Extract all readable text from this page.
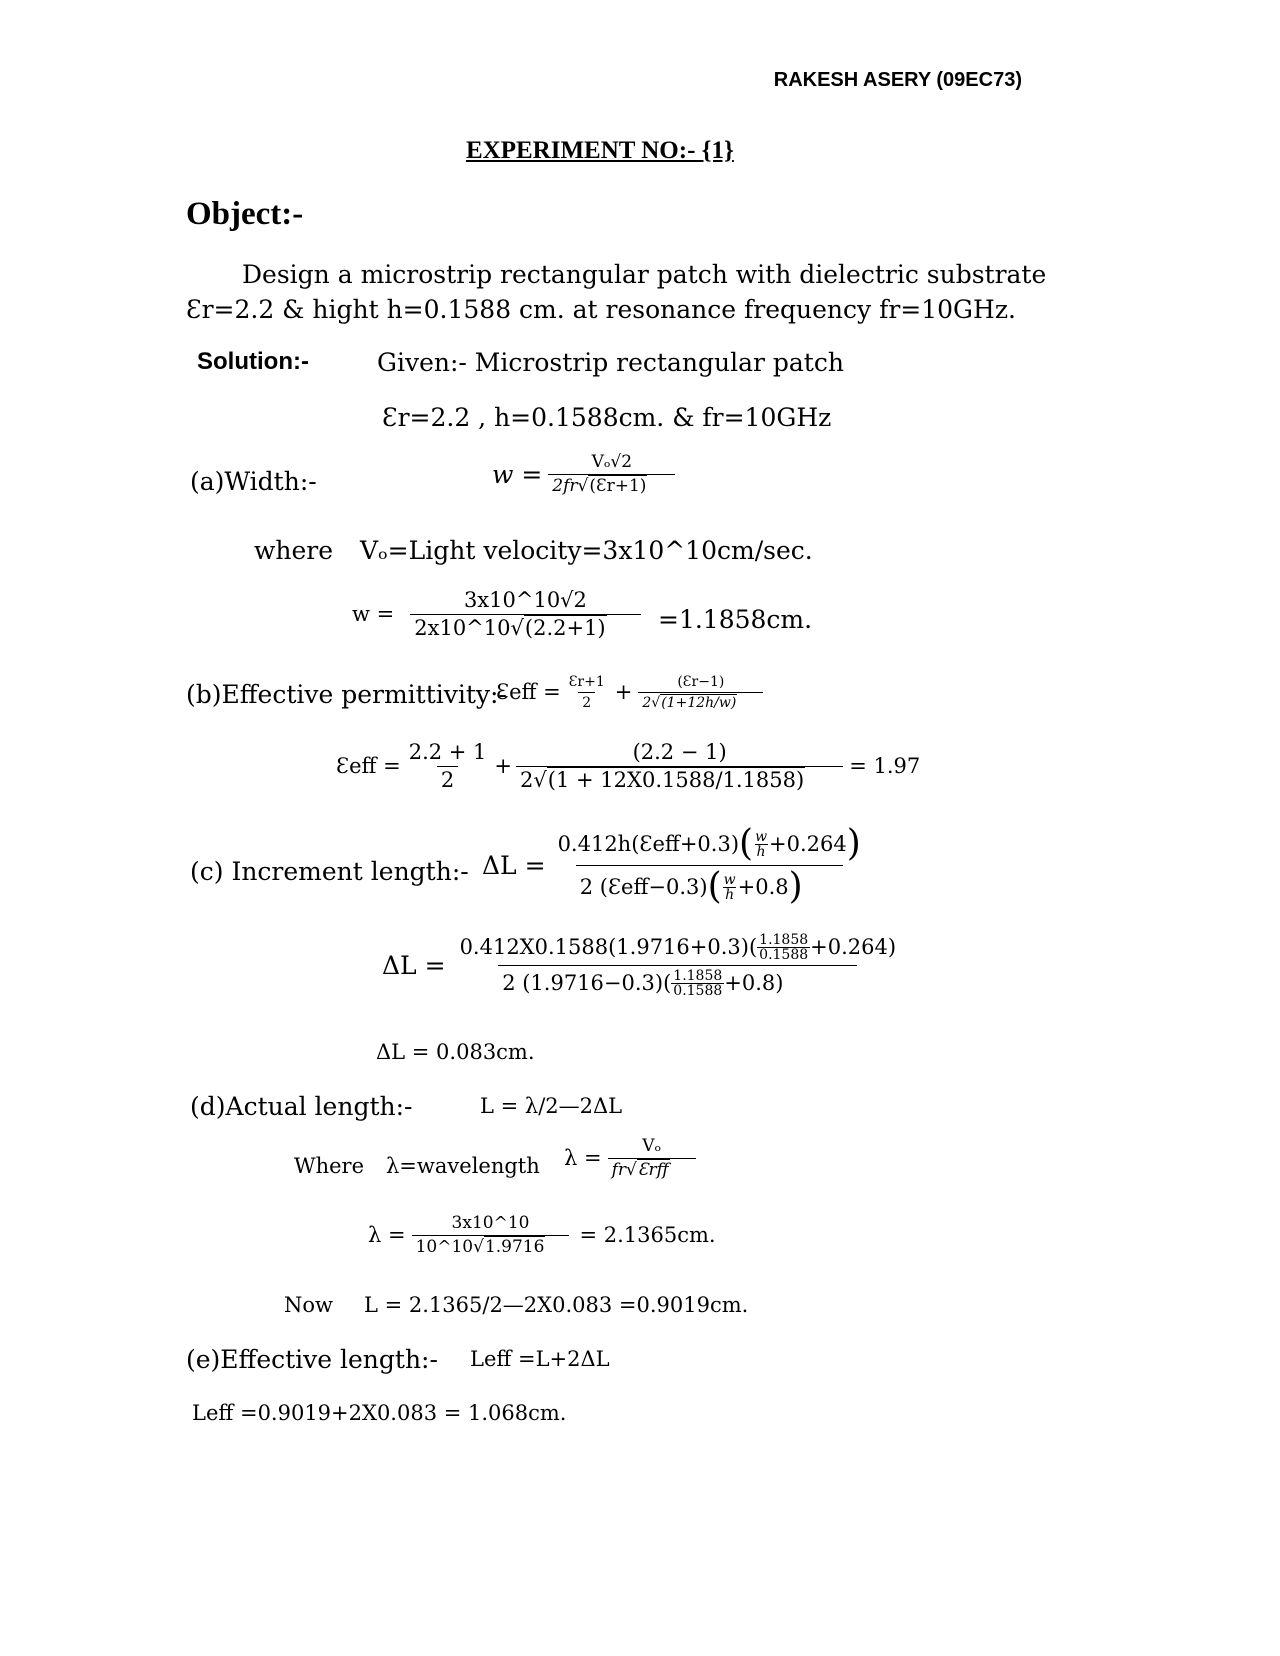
RAKESH ASERY (09EC73)
EXPERIMENT NO:- {1}
Object:-
Design a microstrip rectangular patch with dielectric substrate
Ɛr=2.2 & hight h=0.1588 cm. at resonance frequency fr=10GHz.
Solution:-	Given:- Microstrip rectangular patch
Ɛr=2.2 , h=0.1588cm. & fr=10GHz
(a)Width:-	$w = \frac{\text{Vₒ√2}}{2fr√(Ɛr+1)}$
where Vₒ=Light velocity=3x10^10cm/sec.
$w = \frac{3x10\^{}10√2}{2x10\^{}10√(2.2+1)} =1.1858cm$.
(b)Effective permittivity:-
Ɛeff = $\frac{Ɛr+1}{2} + \frac{(Ɛr-1)}{2√(1+12h/w)}$
Ɛeff = $\frac{2.2 + 1}{2} + \frac{(2.2 - 1)}{2√(1 + 12X0.1588/1.1858)} = 1.97$
(c) Increment length:- $\Delta L = \frac{0.412h(Ɛeff+0.3) ( \frac{w}{h} +0.264 )}{2 (Ɛeff-0.3) ( \frac{w}{h} +0.8 )}$
$\Delta L = \frac{0.412X0.1588(1.9716+0.3)( \frac{1.1858}{0.1588} +0.264)}{2 (1.9716-0.3)( \frac{1.1858}{0.1588} +0.8)}$
ΔL = 0.083cm.
(d)Actual length:-	L = λ/2—2ΔL
Where λ=wavelength $\lambda = \frac{\text{Vₒ}}{\text{fr√Ɛrff}}$
$\lambda = \frac{3x10\^{}10}{10\^{}10√1.9716} = 2.1365cm$.
Now L = 2.1365/2—2X0.083 =0.9019cm.
(e)Effective length:- Leff =L+2ΔL
Leff =0.9019+2X0.083 = 1.068cm.
